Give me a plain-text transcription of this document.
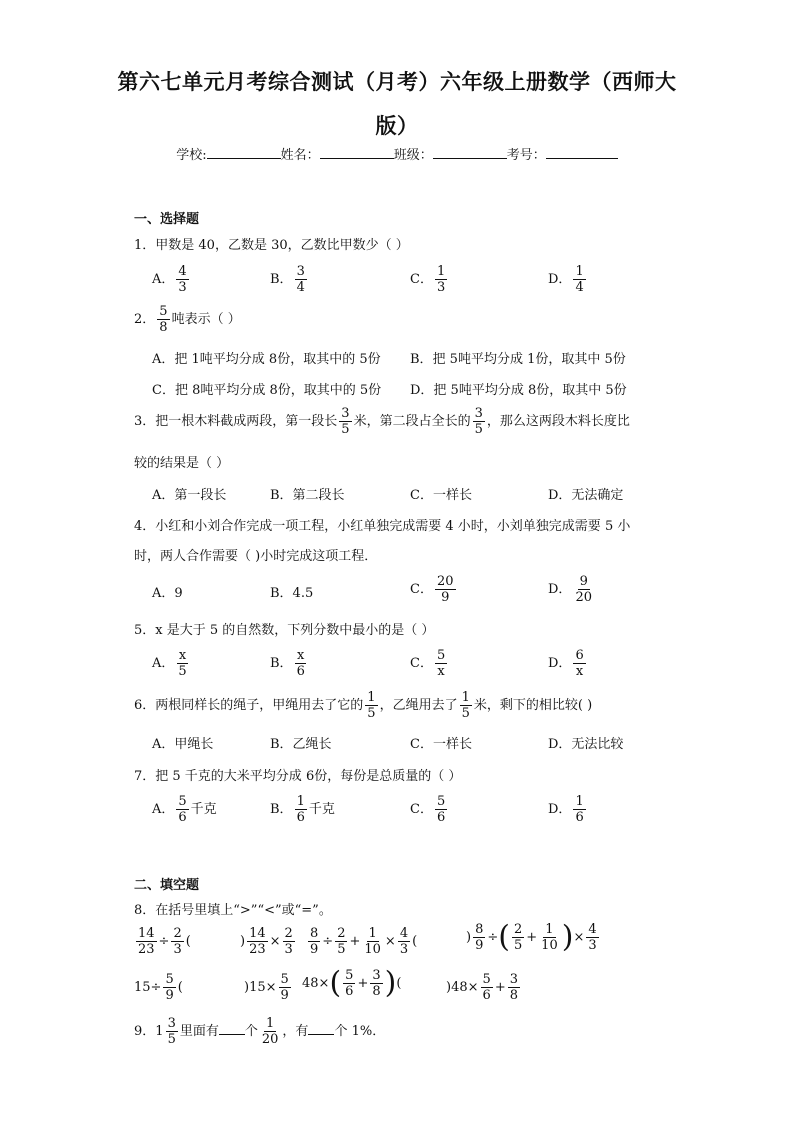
第六七单元月考综合测试（月考）六年级上册数学（西师大
版）
学校:	姓名：	班级：	考号：
一、选择题
1．甲数是 40，乙数是 30，乙数比甲数少（ ）
A． $\frac{4}{3}$	B． $\frac{3}{4}$	C． $\frac{1}{3}$	D． $\frac{1}{4}$
2． $\frac{5}{8}$ 吨表示（ ）
A．把 1吨平均分成 8份，取其中的 5份 B．把 5吨平均分成 1份，取其中 5份
C．把 8吨平均分成 8份，取其中的 5份 D．把 5吨平均分成 8份，取其中 5份
3．把一根木料截成两段，第一段长 $\frac{3}{5}$ 米，第二段占全长的 $\frac{3}{5}$ ，那么这两段木料长度比
较的结果是（ ）
A．第一段长	B．第二段长	C．一样长	D．无法确定
4．小红和小刘合作完成一项工程，小红单独完成需要 4 小时，小刘单独完成需要 5 小
时，两人合作需要（ )小时完成这项工程．
A．9	B．4.5	C． $\frac{20}{9}$	D． $\frac{9}{20}$
5．x 是大于 5 的自然数，下列分数中最小的是（ ）
A． $\frac{x}{5}$	B． $\frac{x}{6}$	C． $\frac{5}{x}$	D． $\frac{6}{x}$
6．两根同样长的绳子，甲绳用去了它的 $\frac{1}{5}$ ，乙绳用去了 $\frac{1}{5}$ 米，剩下的相比较( )
A．甲绳长	B．乙绳长	C．一样长	D．无法比较
7．把 5 千克的大米平均分成 6份，每份是总质量的（ ）
A． $\frac{5}{6}$ 千克	B． $\frac{1}{6}$ 千克	C． $\frac{5}{6}$	D． $\frac{1}{6}$
二、填空题
8．在括号里填上“>”“<”或“=”。
$\frac{14}{23} \div \frac{2}{3}$ (	) $\frac{14}{23} \times \frac{2}{3} \frac{8}{9} \div \frac{2}{5} + \frac{1}{10} \times \frac{4}{3}$ (	) $\frac{8}{9}$ ÷( $\frac{2}{5} + \frac{1}{10}$ )× $\frac{4}{3}$
$15\div \frac{5}{9}$ (	)$15\times \frac{5}{9} 48\times( \frac{5}{6} + \frac{3}{8}$ )(	)$48\times \frac{5}{6} + \frac{3}{8}$
9． $1 \frac{3}{5}$ 里面有 个 $\frac{1}{20}$ ，有 个 1%．
